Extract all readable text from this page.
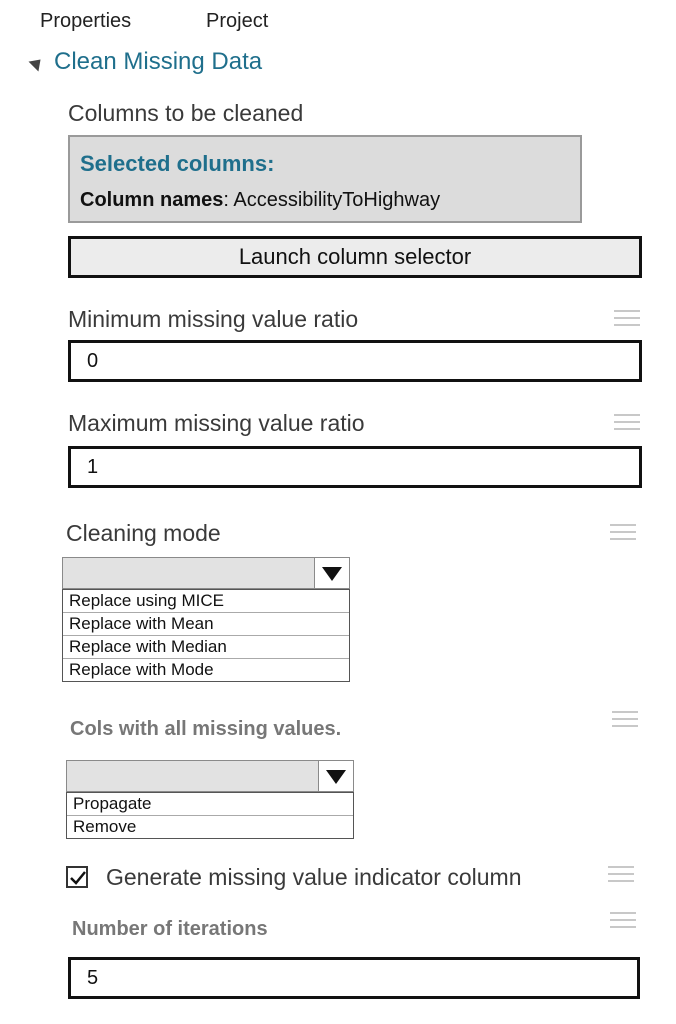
Properties	Project
Clean Missing Data
Columns to be cleaned
Selected columns:
Column names: AccessibilityToHighway
Launch column selector
Minimum missing value ratio
0
Maximum missing value ratio
1
Cleaning mode
Replace using MICE
Replace with Mean
Replace with Median
Replace with Mode
Cols with all missing values.
Propagate
Remove
Generate missing value indicator column
Number of iterations
5
